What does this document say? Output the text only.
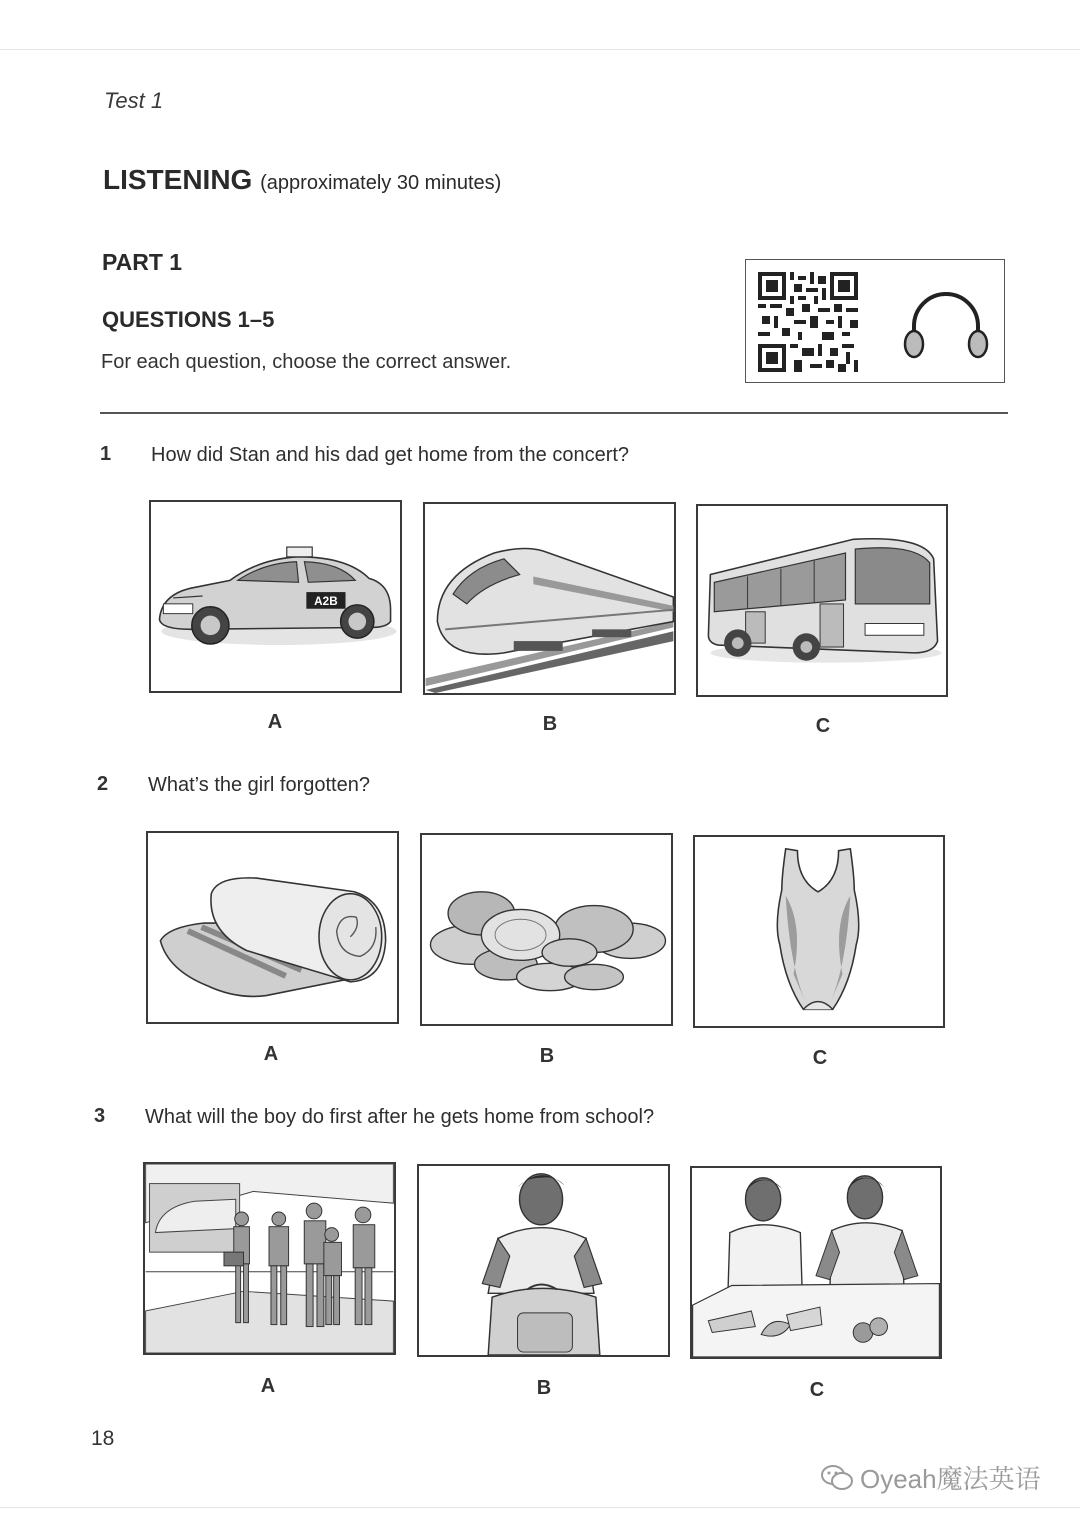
Test 1
LISTENING (approximately 30 minutes)
PART 1
QUESTIONS 1–5
For each question, choose the correct answer.
1 How did Stan and his dad get home from the concert?
A2B
A	B	C
2 What’s the girl forgotten?
A	B	C
3 What will the boy do first after he gets home from school?
A	B	C
18
Oyeah魔法英语
